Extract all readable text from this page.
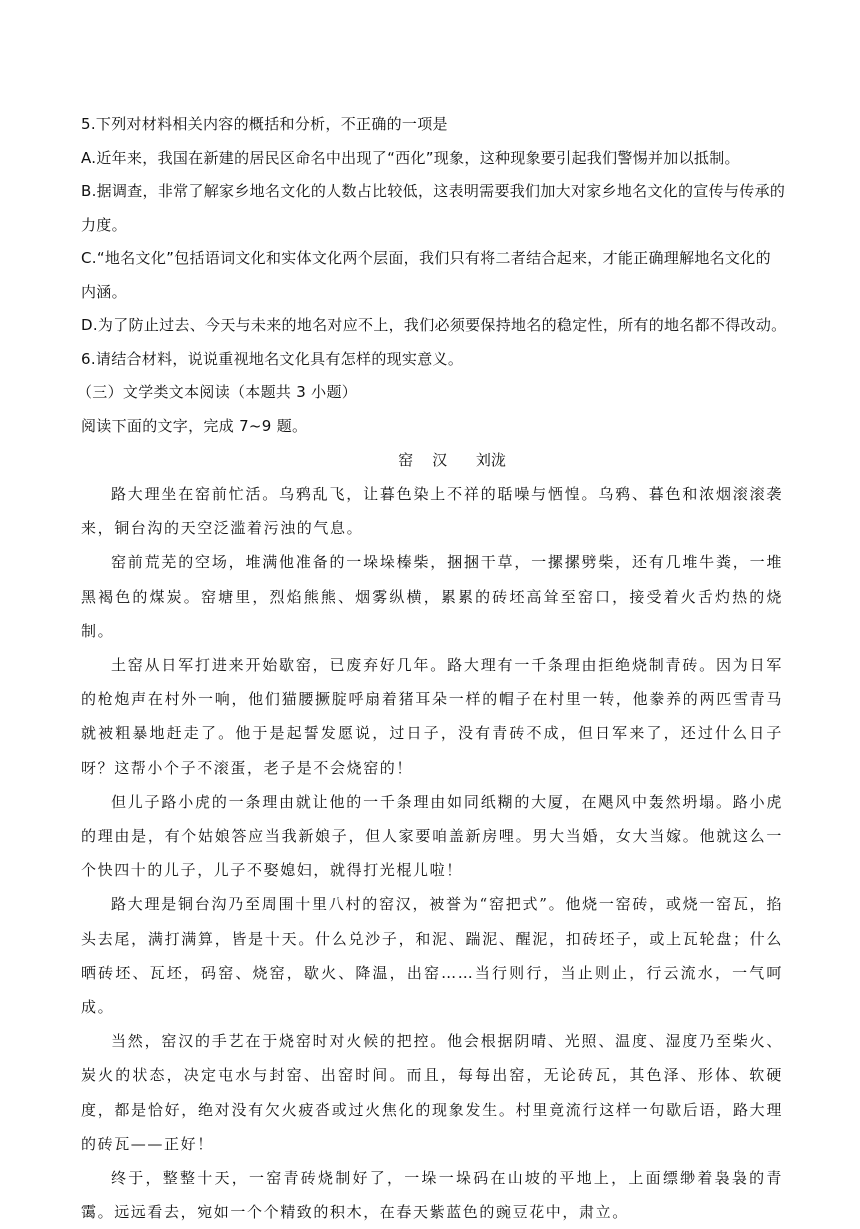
5.下列对材料相关内容的概括和分析，不正确的一项是
A.近年来，我国在新建的居民区命名中出现了“西化”现象，这种现象要引起我们警惕并加以抵制。
B.据调查，非常了解家乡地名文化的人数占比较低，这表明需要我们加大对家乡地名文化的宣传与传承的
力度。
C.“地名文化”包括语词文化和实体文化两个层面，我们只有将二者结合起来，才能正确理解地名文化的
内涵。
D.为了防止过去、今天与未来的地名对应不上，我们必须要保持地名的稳定性，所有的地名都不得改动。
6.请结合材料，说说重视地名文化具有怎样的现实意义。
（三）文学类文本阅读（本题共 3 小题）
阅读下面的文字，完成 7~9 题。
窑    汉 刘泷

路大理坐在窑前忙活。乌鸦乱飞，让暮色染上不祥的聒噪与恓惶。乌鸦、暮色和浓烟滚滚袭来，铜台沟的天空泛滥着污浊的气息。

窑前荒芜的空场，堆满他准备的一垛垛榛柴，捆捆干草，一摞摞劈柴，还有几堆牛粪，一堆黑褐色的煤炭。窑塘里，烈焰熊熊、烟雾纵横，累累的砖坯高耸至窑口，接受着火舌灼热的烧制。

土窑从日军打进来开始歇窑，已废弃好几年。路大理有一千条理由拒绝烧制青砖。因为日军的枪炮声在村外一响，他们猫腰撅腚呼扇着猪耳朵一样的帽子在村里一转，他豢养的两匹雪青马就被粗暴地赶走了。他于是起誓发愿说，过日子，没有青砖不成，但日军来了，还过什么日子呀？这帮小个子不滚蛋，老子是不会烧窑的！

但儿子路小虎的一条理由就让他的一千条理由如同纸糊的大厦，在飓风中轰然坍塌。路小虎的理由是，有个姑娘答应当我新娘子，但人家要咱盖新房哩。男大当婚，女大当嫁。他就这么一个快四十的儿子，儿子不娶媳妇，就得打光棍儿啦！

路大理是铜台沟乃至周围十里八村的窑汉，被誉为“窑把式”。他烧一窑砖，或烧一窑瓦，掐头去尾，满打满算，皆是十天。什么兑沙子，和泥、踹泥、醒泥，扣砖坯子，或上瓦轮盘；什么晒砖坯、瓦坯，码窑、烧窑，歇火、降温，出窑……当行则行，当止则止，行云流水，一气呵成。

当然，窑汉的手艺在于烧窑时对火候的把控。他会根据阴晴、光照、温度、湿度乃至柴火、炭火的状态，决定屯水与封窑、出窑时间。而且，每每出窑，无论砖瓦，其色泽、形体、软硬度，都是恰好，绝对没有欠火疲沓或过火焦化的现象发生。村里竟流行这样一句歇后语，路大理的砖瓦——正好！

终于，整整十天，一窑青砖烧制好了，一垛一垛码在山坡的平地上，上面缥缈着袅袅的青霭。远远看去，宛如一个个精致的积木，在春天紫蓝色的豌豆花中，肃立。
